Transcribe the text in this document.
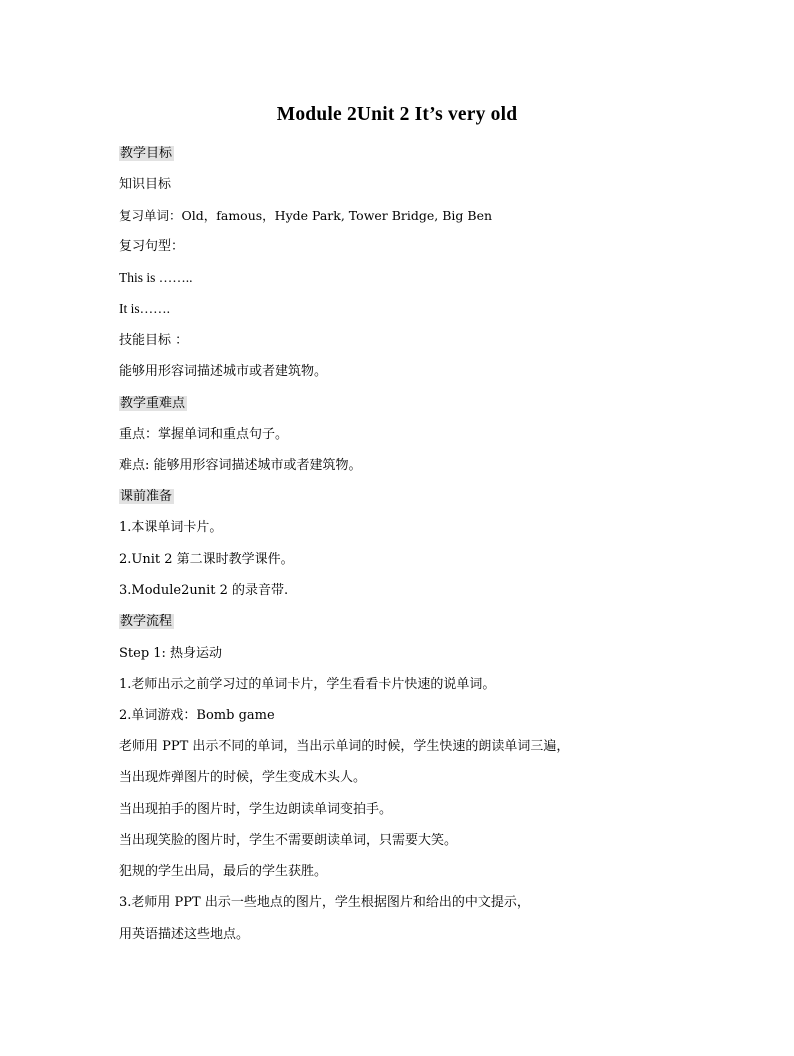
Module 2Unit 2 It’s very old
教学目标
知识目标
复习单词：Old，famous，Hyde Park, Tower Bridge, Big Ben
复习句型：
This is ……..
It is…….
技能目标 ：
能够用形容词描述城市或者建筑物。
教学重难点
重点：掌握单词和重点句子。
难点: 能够用形容词描述城市或者建筑物。
课前准备
1.本课单词卡片。
2.Unit 2 第二课时教学课件。
3.Module2unit 2 的录音带.
教学流程
Step 1: 热身运动
1.老师出示之前学习过的单词卡片，学生看看卡片快速的说单词。
2.单词游戏：Bomb game
老师用 PPT 出示不同的单词，当出示单词的时候，学生快速的朗读单词三遍，
当出现炸弹图片的时候，学生变成木头人。
当出现拍手的图片时，学生边朗读单词变拍手。
当出现笑脸的图片时，学生不需要朗读单词，只需要大笑。
犯规的学生出局，最后的学生获胜。
3.老师用 PPT 出示一些地点的图片，学生根据图片和给出的中文提示，
用英语描述这些地点。
